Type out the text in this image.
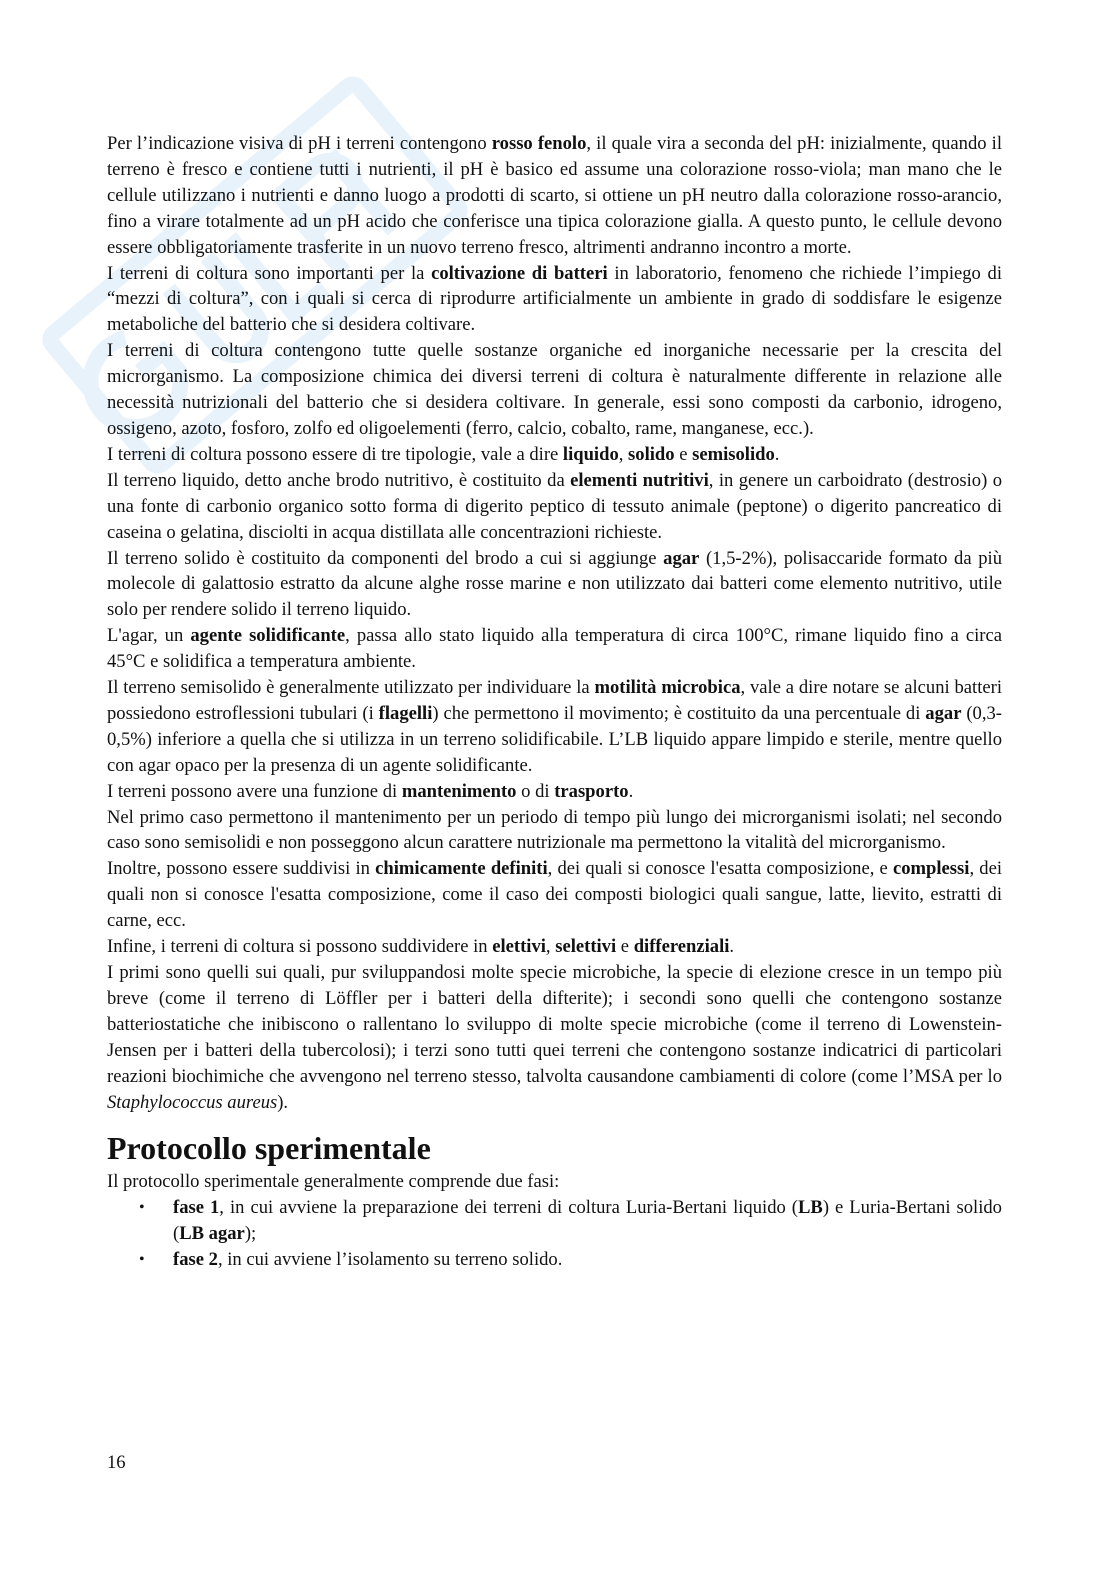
Per l’indicazione visiva di pH i terreni contengono rosso fenolo, il quale vira a seconda del pH: inizialmente, quando il terreno è fresco e contiene tutti i nutrienti, il pH è basico ed assume una colorazione rosso-viola; man mano che le cellule utilizzano i nutrienti e danno luogo a prodotti di scarto, si ottiene un pH neutro dalla colorazione rosso-arancio, fino a virare totalmente ad un pH acido che conferisce una tipica colorazione gialla. A questo punto, le cellule devono essere obbligatoriamente trasferite in un nuovo terreno fresco, altrimenti andranno incontro a morte.

I terreni di coltura sono importanti per la coltivazione di batteri in laboratorio, fenomeno che richiede l’impiego di “mezzi di coltura”, con i quali si cerca di riprodurre artificialmente un ambiente in grado di soddisfare le esigenze metaboliche del batterio che si desidera coltivare.

I terreni di coltura contengono tutte quelle sostanze organiche ed inorganiche necessarie per la crescita del microrganismo. La composizione chimica dei diversi terreni di coltura è naturalmente differente in relazione alle necessità nutrizionali del batterio che si desidera coltivare. In generale, essi sono composti da carbonio, idrogeno, ossigeno, azoto, fosforo, zolfo ed oligoelementi (ferro, calcio, cobalto, rame, manganese, ecc.).

I terreni di coltura possono essere di tre tipologie, vale a dire liquido, solido e semisolido.

Il terreno liquido, detto anche brodo nutritivo, è costituito da elementi nutritivi, in genere un carboidrato (destrosio) o una fonte di carbonio organico sotto forma di digerito peptico di tessuto animale (peptone) o digerito pancreatico di caseina o gelatina, disciolti in acqua distillata alle concentrazioni richieste.

Il terreno solido è costituito da componenti del brodo a cui si aggiunge agar (1,5-2%), polisaccaride formato da più molecole di galattosio estratto da alcune alghe rosse marine e non utilizzato dai batteri come elemento nutritivo, utile solo per rendere solido il terreno liquido.

L'agar, un agente solidificante, passa allo stato liquido alla temperatura di circa 100°C, rimane liquido fino a circa 45°C e solidifica a temperatura ambiente.

Il terreno semisolido è generalmente utilizzato per individuare la motilità microbica, vale a dire notare se alcuni batteri possiedono estroflessioni tubulari (i flagelli) che permettono il movimento; è costituito da una percentuale di agar (0,3-0,5%) inferiore a quella che si utilizza in un terreno solidificabile. L’LB liquido appare limpido e sterile, mentre quello con agar opaco per la presenza di un agente solidificante.

I terreni possono avere una funzione di mantenimento o di trasporto.

Nel primo caso permettono il mantenimento per un periodo di tempo più lungo dei microrganismi isolati; nel secondo caso sono semisolidi e non posseggono alcun carattere nutrizionale ma permettono la vitalità del microrganismo.

Inoltre, possono essere suddivisi in chimicamente definiti, dei quali si conosce l'esatta composizione, e complessi, dei quali non si conosce l'esatta composizione, come il caso dei composti biologici quali sangue, latte, lievito, estratti di carne, ecc.

Infine, i terreni di coltura si possono suddividere in elettivi, selettivi e differenziali.

I primi sono quelli sui quali, pur sviluppandosi molte specie microbiche, la specie di elezione cresce in un tempo più breve (come il terreno di Löffler per i batteri della difterite); i secondi sono quelli che contengono sostanze batteriostatiche che inibiscono o rallentano lo sviluppo di molte specie microbiche (come il terreno di Lowenstein-Jensen per i batteri della tubercolosi); i terzi sono tutti quei terreni che contengono sostanze indicatrici di particolari reazioni biochimiche che avvengono nel terreno stesso, talvolta causandone cambiamenti di colore (come l’MSA per lo Staphylococcus aureus).

Protocollo sperimentale

Il protocollo sperimentale generalmente comprende due fasi:

• fase 1, in cui avviene la preparazione dei terreni di coltura Luria-Bertani liquido (LB) e Luria-Bertani solido (LB agar);
• fase 2, in cui avviene l’isolamento su terreno solido.
16
